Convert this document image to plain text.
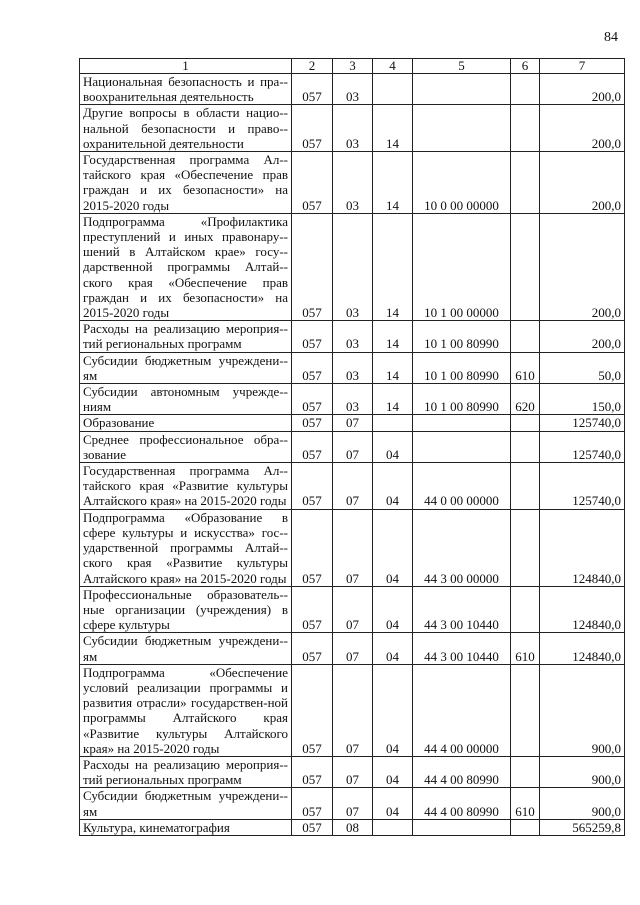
84
1	2	3	4	5	6	7
Национальная безопасность и пра-воохранительная деятельность	057	03				200,0
Другие вопросы в области нацио-нальной безопасности и право-охранительной деятельности	057	03	14			200,0
Государственная программа Ал-тайского края «Обеспечение прав граждан и их безопасности» на 2015-2020 годы	057	03	14	10 0 00 00000		200,0
Подпрограмма «Профилактика преступлений и иных правонару-шений в Алтайском крае» госу-дарственной программы Алтай-ского края «Обеспечение прав граждан и их безопасности» на 2015-2020 годы	057	03	14	10 1 00 00000		200,0
Расходы на реализацию мероприя-тий региональных программ	057	03	14	10 1 00 80990		200,0
Субсидии бюджетным учреждени-ям	057	03	14	10 1 00 80990	610	50,0
Субсидии автономным учрежде-ниям	057	03	14	10 1 00 80990	620	150,0
Образование	057	07				125740,0
Среднее профессиональное обра-зование	057	07	04			125740,0
Государственная программа Ал-тайского края «Развитие культуры Алтайского края» на 2015-2020 годы	057	07	04	44 0 00 00000		125740,0
Подпрограмма «Образование в сфере культуры и искусства» гос-ударственной программы Алтай-ского края «Развитие культуры Алтайского края» на 2015-2020 годы	057	07	04	44 3 00 00000		124840,0
Профессиональные образователь-ные организации (учреждения) в сфере культуры	057	07	04	44 3 00 10440		124840,0
Субсидии бюджетным учреждени-ям	057	07	04	44 3 00 10440	610	124840,0
Подпрограмма «Обеспечение условий реализации программы и развития отрасли» государствен-ной программы Алтайского края «Развитие культуры Алтайского края» на 2015-2020 годы	057	07	04	44 4 00 00000		900,0
Расходы на реализацию мероприя-тий региональных программ	057	07	04	44 4 00 80990		900,0
Субсидии бюджетным учреждени-ям	057	07	04	44 4 00 80990	610	900,0
Культура, кинематография	057	08				565259,8
